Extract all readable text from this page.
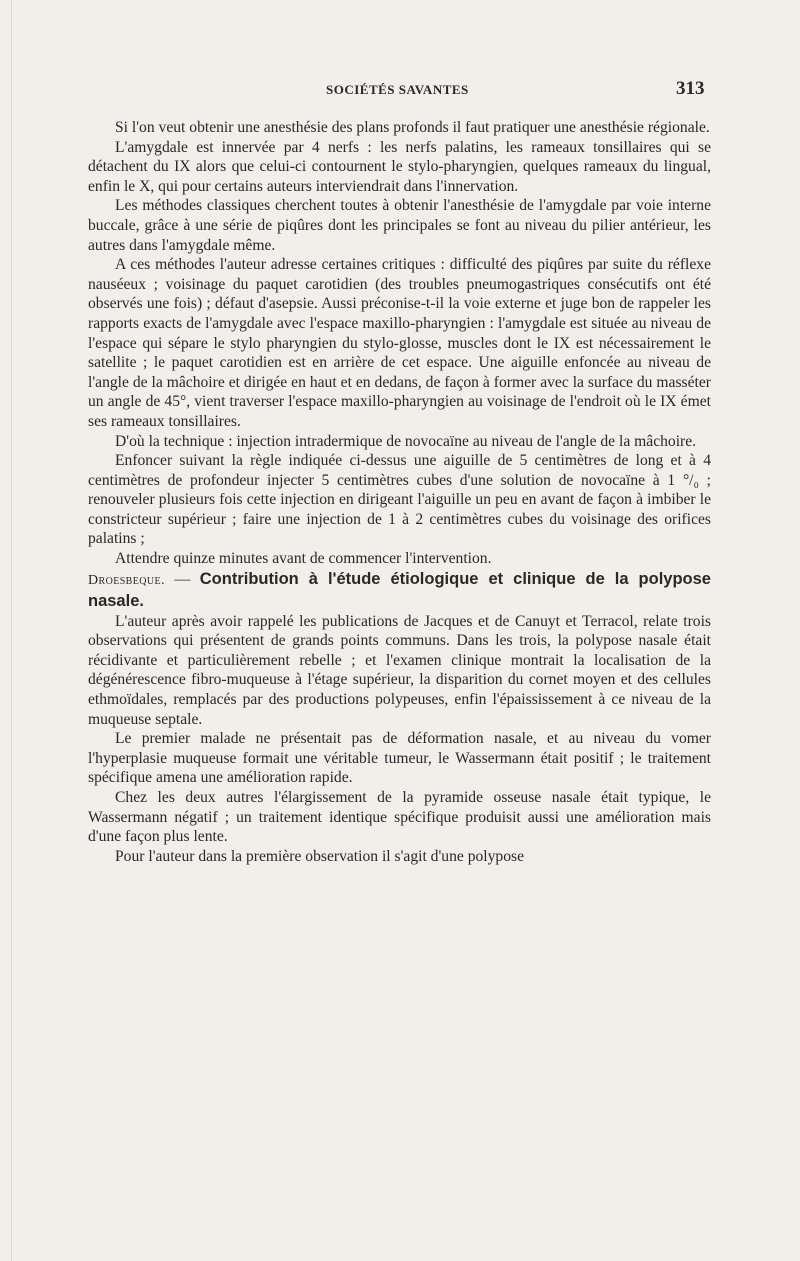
SOCIÉTÉS SAVANTES	313

Si l'on veut obtenir une anesthésie des plans profonds il faut pratiquer une anesthésie régionale.

L'amygdale est innervée par 4 nerfs : les nerfs palatins, les rameaux tonsillaires qui se détachent du IX alors que celui-ci contournent le stylo-pharyngien, quelques rameaux du lingual, enfin le X, qui pour certains auteurs interviendrait dans l'innervation.

Les méthodes classiques cherchent toutes à obtenir l'anesthésie de l'amygdale par voie interne buccale, grâce à une série de piqûres dont les principales se font au niveau du pilier antérieur, les autres dans l'amygdale même.

A ces méthodes l'auteur adresse certaines critiques : difficulté des piqûres par suite du réflexe nauséeux ; voisinage du paquet carotidien (des troubles pneumogastriques consécutifs ont été observés une fois) ; défaut d'asepsie. Aussi préconise-t-il la voie externe et juge bon de rappeler les rapports exacts de l'amygdale avec l'espace maxillo-pharyngien : l'amygdale est située au niveau de l'espace qui sépare le stylo pharyngien du stylo-glosse, muscles dont le IX est nécessairement le satellite ; le paquet carotidien est en arrière de cet espace. Une aiguille enfoncée au niveau de l'angle de la mâchoire et dirigée en haut et en dedans, de façon à former avec la surface du masséter un angle de 45°, vient traverser l'espace maxillo-pharyngien au voisinage de l'endroit où le IX émet ses rameaux tonsillaires.

D'où la technique : injection intradermique de novocaïne au niveau de l'angle de la mâchoire.

Enfoncer suivant la règle indiquée ci-dessus une aiguille de 5 centimètres de long et à 4 centimètres de profondeur injecter 5 centimètres cubes d'une solution de novocaïne à 1 °/₀ ; renouveler plusieurs fois cette injection en dirigeant l'aiguille un peu en avant de façon à imbiber le constricteur supérieur ; faire une injection de 1 à 2 centimètres cubes du voisinage des orifices palatins ;

Attendre quinze minutes avant de commencer l'intervention.

Droesbeque. — Contribution à l'étude étiologique et clinique de la polypose nasale.

L'auteur après avoir rappelé les publications de Jacques et de Canuyt et Terracol, relate trois observations qui présentent de grands points communs. Dans les trois, la polypose nasale était récidivante et particulièrement rebelle ; et l'examen clinique montrait la localisation de la dégénérescence fibro-muqueuse à l'étage supérieur, la disparition du cornet moyen et des cellules ethmoïdales, remplacés par des productions polypeuses, enfin l'épaississement à ce niveau de la muqueuse septale.

Le premier malade ne présentait pas de déformation nasale, et au niveau du vomer l'hyperplasie muqueuse formait une véritable tumeur, le Wassermann était positif ; le traitement spécifique amena une amélioration rapide.

Chez les deux autres l'élargissement de la pyramide osseuse nasale était typique, le Wassermann négatif ; un traitement identique spécifique produisit aussi une amélioration mais d'une façon plus lente.

Pour l'auteur dans la première observation il s'agit d'une polypose
